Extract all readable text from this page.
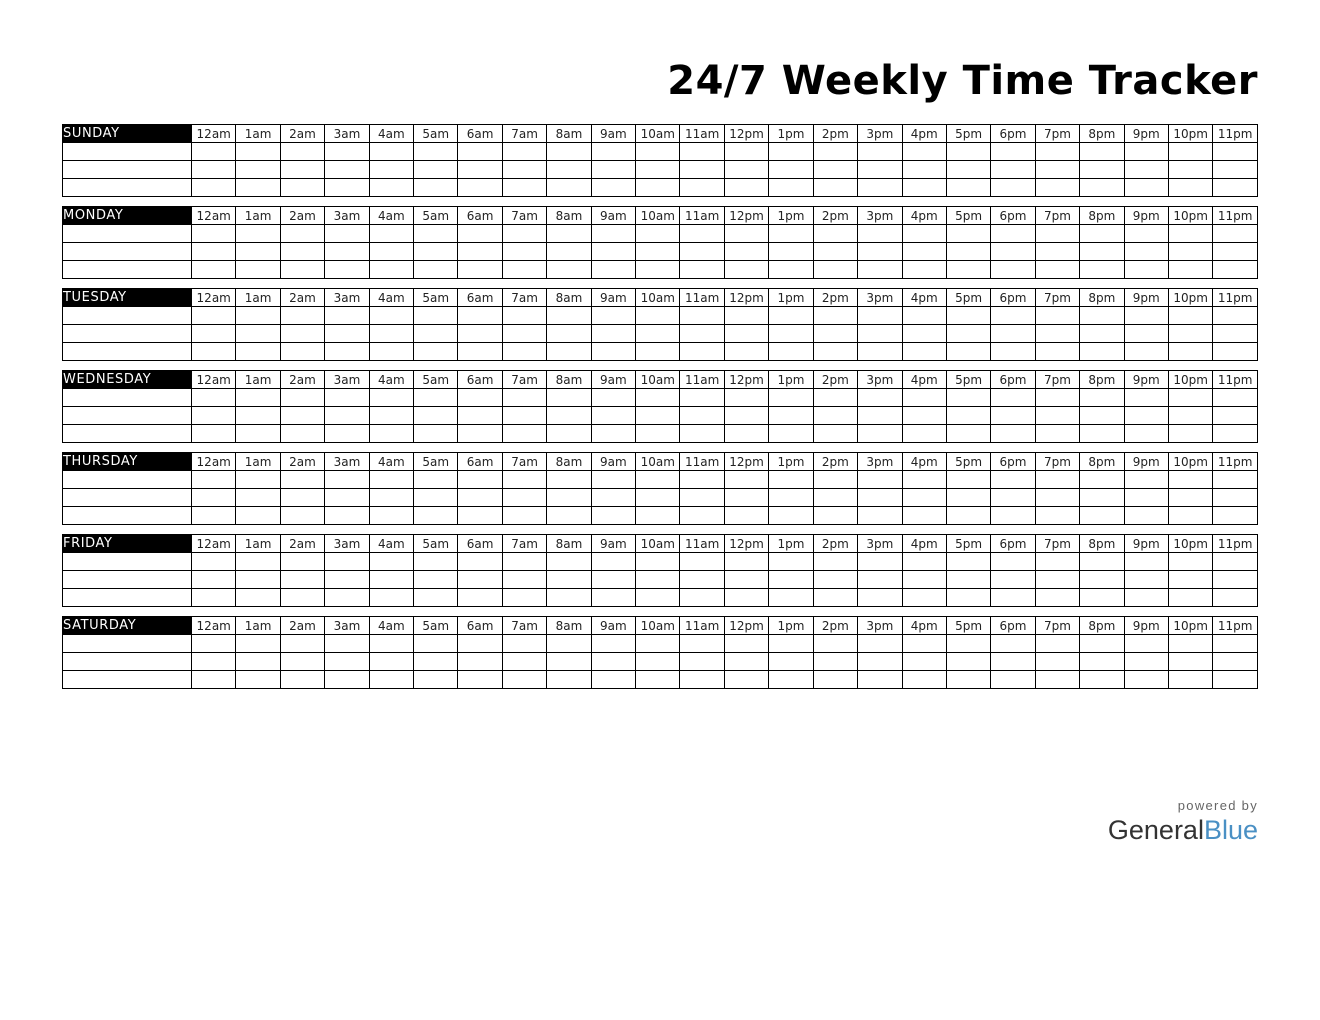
24/7 Weekly Time Tracker
SUNDAY	12am	1am	2am	3am	4am	5am	6am	7am	8am	9am	10am	11am	12pm	1pm	2pm	3pm	4pm	5pm	6pm	7pm	8pm	9pm	10pm	11pm

MONDAY	12am	1am	2am	3am	4am	5am	6am	7am	8am	9am	10am	11am	12pm	1pm	2pm	3pm	4pm	5pm	6pm	7pm	8pm	9pm	10pm	11pm

TUESDAY	12am	1am	2am	3am	4am	5am	6am	7am	8am	9am	10am	11am	12pm	1pm	2pm	3pm	4pm	5pm	6pm	7pm	8pm	9pm	10pm	11pm

WEDNESDAY	12am	1am	2am	3am	4am	5am	6am	7am	8am	9am	10am	11am	12pm	1pm	2pm	3pm	4pm	5pm	6pm	7pm	8pm	9pm	10pm	11pm

THURSDAY	12am	1am	2am	3am	4am	5am	6am	7am	8am	9am	10am	11am	12pm	1pm	2pm	3pm	4pm	5pm	6pm	7pm	8pm	9pm	10pm	11pm

FRIDAY	12am	1am	2am	3am	4am	5am	6am	7am	8am	9am	10am	11am	12pm	1pm	2pm	3pm	4pm	5pm	6pm	7pm	8pm	9pm	10pm	11pm

SATURDAY	12am	1am	2am	3am	4am	5am	6am	7am	8am	9am	10am	11am	12pm	1pm	2pm	3pm	4pm	5pm	6pm	7pm	8pm	9pm	10pm	11pm

powered by
GeneralBlue
